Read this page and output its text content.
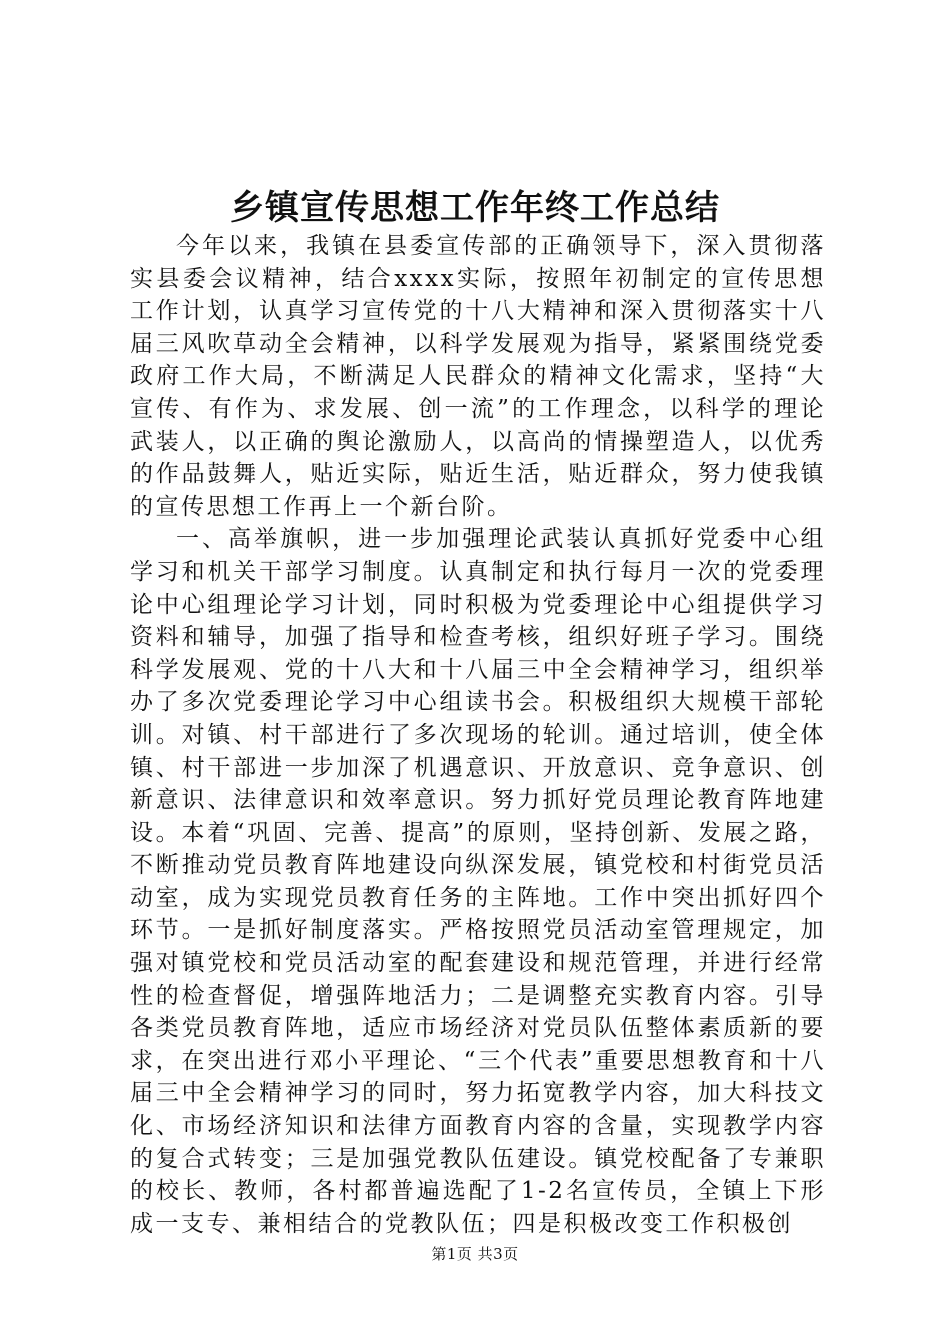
乡镇宣传思想工作年终工作总结

今年以来，我镇在县委宣传部的正确领导下，深入贯彻落实县委会议精神，结合xxxx实际，按照年初制定的宣传思想工作计划，认真学习宣传党的十八大精神和深入贯彻落实十八届三风吹草动全会精神，以科学发展观为指导，紧紧围绕党委政府工作大局，不断满足人民群众的精神文化需求，坚持“大宣传、有作为、求发展、创一流”的工作理念，以科学的理论武装人，以正确的舆论激励人，以高尚的情操塑造人，以优秀的作品鼓舞人，贴近实际，贴近生活，贴近群众，努力使我镇的宣传思想工作再上一个新台阶。

一、高举旗帜，进一步加强理论武装认真抓好党委中心组学习和机关干部学习制度。认真制定和执行每月一次的党委理论中心组理论学习计划，同时积极为党委理论中心组提供学习资料和辅导，加强了指导和检查考核，组织好班子学习。围绕科学发展观、党的十八大和十八届三中全会精神学习，组织举办了多次党委理论学习中心组读书会。积极组织大规模干部轮训。对镇、村干部进行了多次现场的轮训。通过培训，使全体镇、村干部进一步加深了机遇意识、开放意识、竞争意识、创新意识、法律意识和效率意识。努力抓好党员理论教育阵地建设。本着“巩固、完善、提高”的原则，坚持创新、发展之路，不断推动党员教育阵地建设向纵深发展，镇党校和村街党员活动室，成为实现党员教育任务的主阵地。工作中突出抓好四个环节。一是抓好制度落实。严格按照党员活动室管理规定，加强对镇党校和党员活动室的配套建设和规范管理，并进行经常性的检查督促，增强阵地活力；二是调整充实教育内容。引导各类党员教育阵地，适应市场经济对党员队伍整体素质新的要求，在突出进行邓小平理论、“三个代表”重要思想教育和十八届三中全会精神学习的同时，努力拓宽教学内容，加大科技文化、市场经济知识和法律方面教育内容的含量，实现教学内容的复合式转变；三是加强党教队伍建设。镇党校配备了专兼职的校长、教师，各村都普遍选配了1-2名宣传员，全镇上下形成一支专、兼相结合的党教队伍；四是积极改变工作积极创

第1页 共3页
